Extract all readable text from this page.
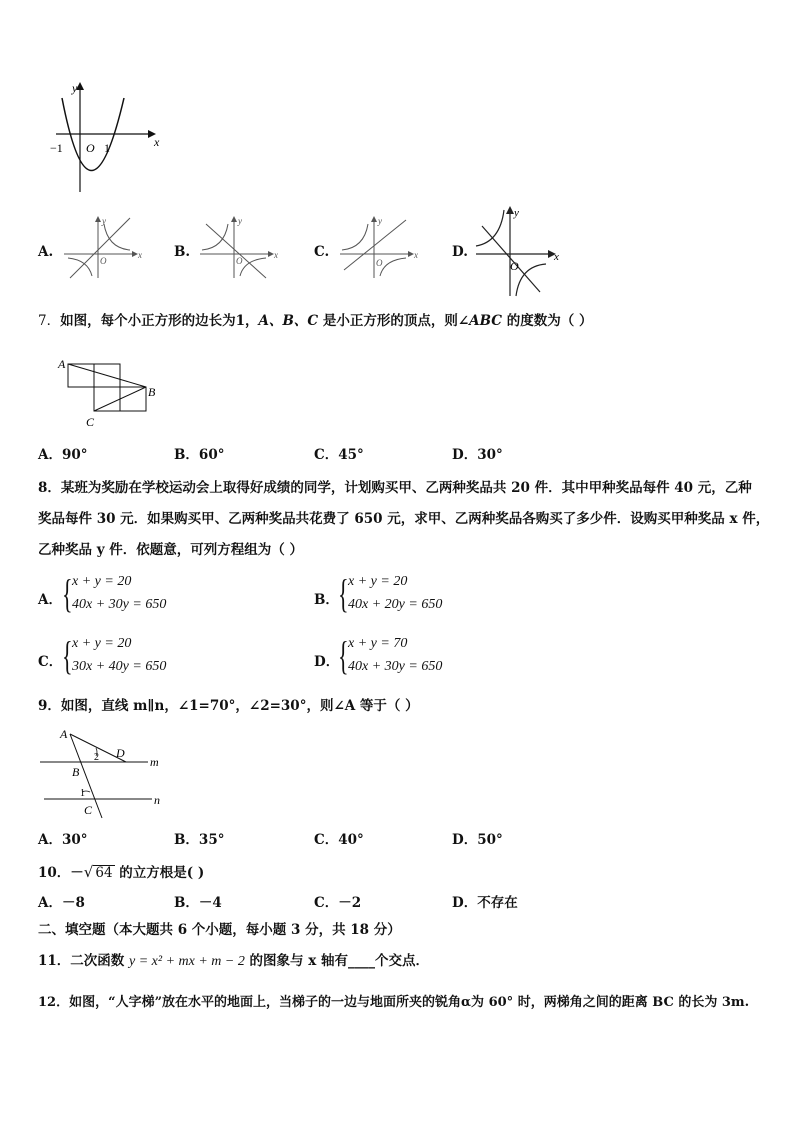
y
x
−1 O 1
A.
y
x
O
B.
y
x
O
C.
y
x
O
D.
y
x
O
7．如图，每个小正方形的边长为1，A、B、C 是小正方形的顶点，则∠ABC 的度数为（ ）
A
B
C
A．90°	B．60°	C．45°	D．30°
8．某班为奖励在学校运动会上取得好成绩的同学，计划购买甲、乙两种奖品共 20 件．其中甲种奖品每件 40 元，乙种
奖品每件 30 元．如果购买甲、乙两种奖品共花费了 650 元，求甲、乙两种奖品各购买了多少件．设购买甲种奖品 x 件，
乙种奖品 y 件．依题意，可列方程组为（ ）
A． { x + y = 20
40x + 30y = 650	B． { x + y = 20
40x + 20y = 650
C． { x + y = 20
30x + 40y = 650	D．
{ x + y = 70
40x + 30y = 650
9．如图，直线 m∥n，∠1=70°，∠2=30°，则∠A 等于（ ）
A
D
2
B
m
1
C
n
A．30°	B．35°	C．40°	D．50°
10．－√ 64 的立方根是( )
A．－8	B．－4	C．－2	D．不存在
二、填空题（本大题共 6 个小题，每小题 3 分，共 18 分）
11．二次函数 y = x² + mx + m − 2 的图象与 x 轴有____个交点．
12．如图，“人字梯”放在水平的地面上，当梯子的一边与地面所夹的锐角α为 60° 时，两梯角之间的距离 BC 的长为 3m.
